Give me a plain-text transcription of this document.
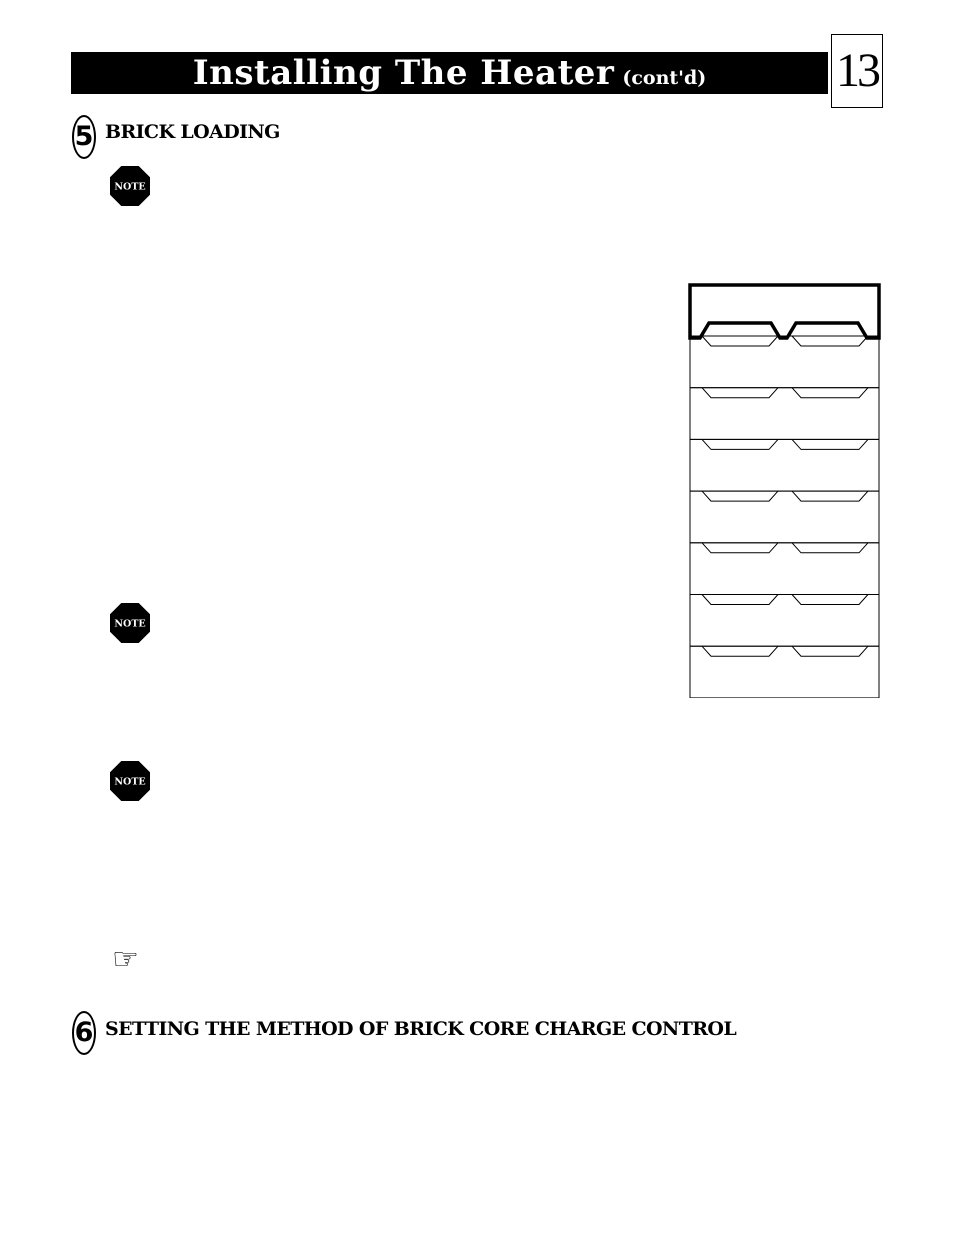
Installing The Heater (cont'd)	13
5 BRICK LOADING
NOTE
NOTE
NOTE
☞
6 SETTING THE METHOD OF BRICK CORE CHARGE CONTROL
